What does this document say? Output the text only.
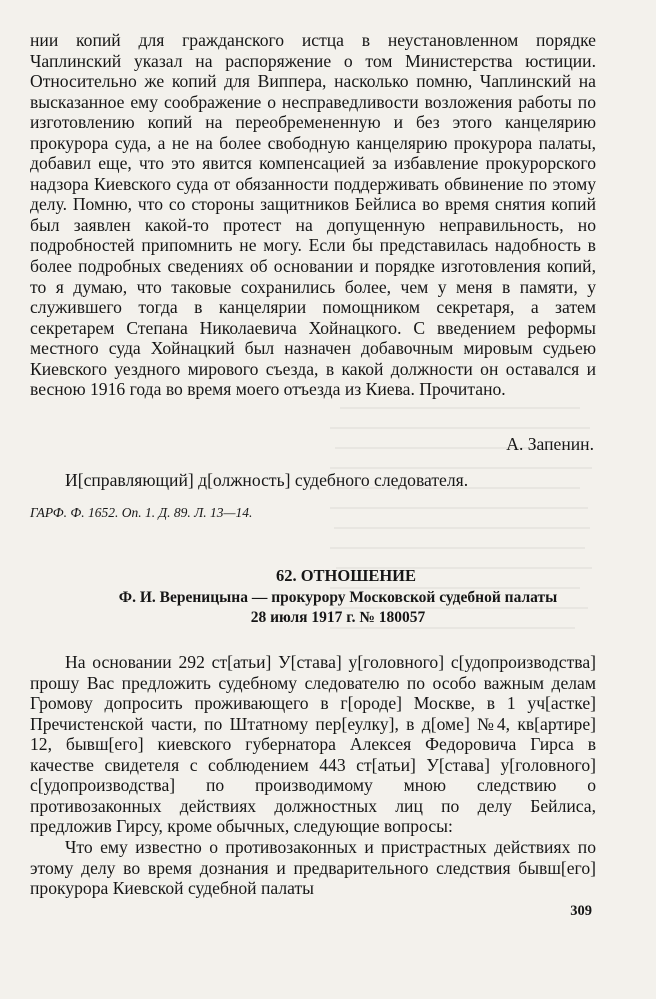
нии копий для гражданского истца в неустановленном порядке Чаплинский указал на распоряжение о том Министерства юстиции. Относительно же копий для Виппера, насколько помню, Чаплинский на высказанное ему соображение о несправедливости возложения работы по изготовлению копий на переобремененную и без этого канцелярию прокурора суда, а не на более свободную канцелярию прокурора палаты, добавил еще, что это явится компенсацией за избавление прокурорского надзора Киевского суда от обязанности поддерживать обвинение по этому делу. Помню, что со стороны защитников Бейлиса во время снятия копий был заявлен какой-то протест на допущенную неправильность, но подробностей припомнить не могу. Если бы представилась надобность в более подробных сведениях об основании и порядке изготовления копий, то я думаю, что таковые сохранились более, чем у меня в памяти, у служившего тогда в канцелярии помощником секретаря, а затем секретарем Степана Николаевича Хойнацкого. С введением реформы местного суда Хойнацкий был назначен добавочным мировым судьею Киевского уездного мирового съезда, в какой должности он оставался и весною 1916 года во время моего отъезда из Киева. Прочитано.

А. Запенин.

И[справляющий] д[олжность] судебного следователя.

ГАРФ. Ф. 1652. Оп. 1. Д. 89. Л. 13—14.

62. ОТНОШЕНИЕ

Ф. И. Вереницына — прокурору Московской судебной палаты

28 июля 1917 г. № 180057

На основании 292 ст[атьи] У[става] у[головного] с[удопроизводства] прошу Вас предложить судебному следователю по особо важным делам Громову допросить проживающего в г[ороде] Москве, в 1 уч[астке] Пречистенской части, по Штатному пер[еулку], в д[оме] №4, кв[артире] 12, бывш[его] киевского губернатора Алексея Федоровича Гирса в качестве свидетеля с соблюдением 443 ст[атьи] У[става] у[головного] с[удопроизводства] по производимому мною следствию о противозаконных действиях должностных лиц по делу Бейлиса, предложив Гирсу, кроме обычных, следующие вопросы:

Что ему известно о противозаконных и пристрастных действиях по этому делу во время дознания и предварительного следствия бывш[его] прокурора Киевской судебной палаты

309
